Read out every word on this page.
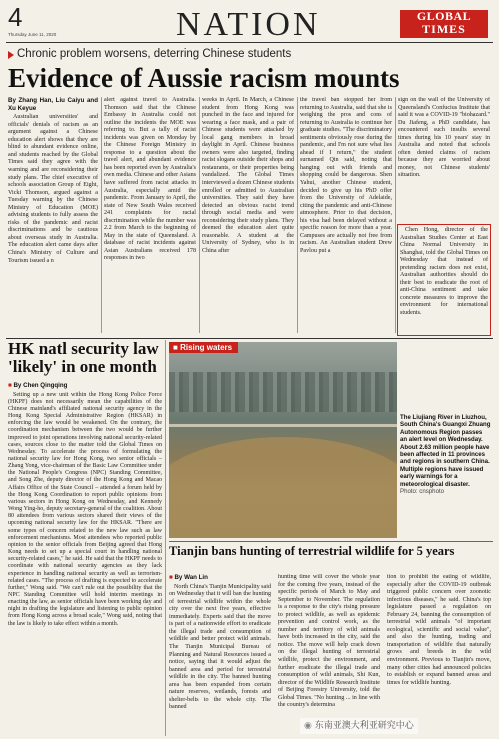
4
Thursday June 11, 2020	NATION	GLOBAL
TIMES
Chronic problem worsens, deterring Chinese students
Evidence of Aussie racism mounts
By Zhang Han, Liu Caiyu and Xu Keyue

Australian universities' and officials' denials of racism as an argument against a Chinese education alert shows that they are blind to abundant evidence online, and students reached by the Global Times said they agree with the warning and are reconsidering their study plans. The chief executive of schools association Group of Eight, Vicki Thomson, argued against a Tuesday warning by the Chinese Ministry of Education (MOE) advising students to fully assess the risks of the pandemic and racist discriminations and be cautious about overseas study in Australia. The education alert came days after China's Ministry of Culture and Tourism issued a n

alert against travel to Australia. Thomson said that the Chinese Embassy in Australia could not outline the incidents the MOE was referring to. But a tally of racist incidents was given on Monday by the Chinese Foreign Ministry in response to a question about the travel alert, and abundant evidence has been reported even by Australia's own media. Chinese and other Asians have suffered from racist attacks in Australia, especially amid the pandemic. From January to April, the state of New South Wales received 241 complaints for racial discrimination while the number was 2.2 from March to the beginning of May in the state of Queensland. A database of racist incidents against Asian Australians received 178 responses in two

weeks in April. In March, a Chinese student from Hong Kong was punched in the face and injured for wearing a face mask, and a pair of Chinese students were attacked by local gang members in broad daylight in April. Chinese business owners were also targeted, finding racist slogans outside their shops and restaurants, or their properties being vandalized. The Global Times interviewed a dozen Chinese students enrolled or admitted to Australian universities. They said they have detected an obvious racist trend through social media and were reconsidering their study plans. They deemed the education alert quite reasonable. A student at the University of Sydney, who is in China after

the travel ban stopped her from returning to Australia, said that she is weighing the pros and cons of returning to Australia to continue her graduate studies. "The discriminatory sentiments obviously rose during the pandemic, and I'm not sure what lies ahead if I return," the student surnamed Qin said, noting that hanging out with friends and shopping could be dangerous. Shen Yahui, another Chinese student, decided to give up his PhD offer from the University of Adelaide, citing the pandemic and anti-Chinese atmosphere. Prior to that decision, his visa had been delayed without a specific reason for more than a year. Campuses are actually not free from racism. An Australian student Drew Pavlou put a

sign on the wall of the University of Queensland's Confucius Institute that said it was a COVID-19 "biohazard." Du Jiafeng, a PhD candidate, has encountered such insults several times during his 10 years' stay in Australia and noted that schools often denied claims of racism because they are worried about money, not Chinese students' situation.

Chen Hong, director of the Australian Studies Center at East China Normal University in Shanghai, told the Global Times on Wednesday that instead of pretending racism does not exist, Australian authorities should do their best to eradicate the root of anti-China sentiment and take concrete measures to improve the environment for international students.

HK natl security law
'likely' in one month
■ By Chen Qingqing

Setting up a new unit within the Hong Kong Police Force (HKPF) does not necessarily mean the capabilities of the Chinese mainland's affiliated national security agency in the Hong Kong Special Administrative Region (HKSAR) in enforcing the law would be weakened. On the contrary, the coordination mechanism between the two would be further improved to joint operations involving national security-related cases, sources close to the matter told the Global Times on Wednesday. To accelerate the process of formulating the national security law for Hong Kong, two senior officials – Zhang Yong, vice-chairman of the Basic Law Committee under the National People's Congress (NPC) Standing Committee, and Song Zhe, deputy director of the Hong Kong and Macao Affairs Office of the State Council – attended a forum held by the Hong Kong Coordination to report public opinions from various sectors in Hong Kong on Wednesday, and Kennedy Wong Ying-ho, deputy secretary-general of the coalition. About 80 attendees from various sectors shared their views of the upcoming national security law for the HKSAR. "There are some types of concern related to the new law such as law enforcement mechanisms. Most attendees who reported public opinion to the senior officials from Beijing agreed that Hong Kong needs to set up a special court in handling national security-related cases," he said. He said that the HKPF needs to coordinate with national security agencies as they lack experience in handling national security as well as terrorism-related cases. "The process of drafting is expected to accelerate further," Wong said. "We can't rule out the possibility that the NPC Standing Committee will hold interim meetings in enacting the law, as senior officials have been working day and night in drafting the legislature and listening to public opinion from Hong Kong across a broad scale," Wong said, noting that the law is likely to take effect within a month.

■ Rising waters
The Liujiang River in Liuzhou, South China's Guangxi Zhuang Autonomous Region passes an alert level on Wednesday. About 2.63 million people have been affected in 11 provinces and regions in southern China. Multiple regions have issued early warnings for a meteorological disaster.
Photo: cnsphoto
Tianjin bans hunting of terrestrial wildlife for 5 years
■ By Wan Lin

North China's Tianjin Municipality said on Wednesday that it will ban the hunting of terrestrial wildlife within the whole city over the next five years, effective immediately. Experts said that the move is part of a nationwide effort to eradicate the illegal trade and consumption of wildlife and better protect wild animals. The Tianjin Municipal Bureau of Planning and Natural Resources issued a notice, saying that it would adjust the banned area and period for terrestrial wildlife in the city. The banned hunting area has been expanded from certain nature reserves, wetlands, forests and shelter-belts to the whole city. The banned

hunting time will cover the whole year for the coming five years, instead of the specific periods of March to May and September to November. The regulation is a response to the city's rising pressure to protect wildlife, as well as epidemic prevention and control work, as the number and territory of wild animals have both increased in the city, said the notice. The move will help crack down on the illegal hunting of terrestrial wildlife, protect the environment, and further eradicate the illegal trade and consumption of wild animals, Shi Kun, director of the Wildlife Research Institute of Beijing Forestry University, told the Global Times. "No hunting ... in line with the country's determina

tion to prohibit the eating of wildlife, especially after the COVID-19 outbreak triggered public concern over zoonotic infectious diseases," he said. China's top legislature passed a regulation on February 24, banning the consumption of terrestrial wild animals "of important ecological, scientific and social value", and also the hunting, trading and transportation of wildlife that naturally grows and breeds in the wild environment. Previous to Tianjin's move, many other cities had announced policies to establish or expand banned areas and times for wildlife hunting.

◉ 东南亚澳大利亚研究中心
